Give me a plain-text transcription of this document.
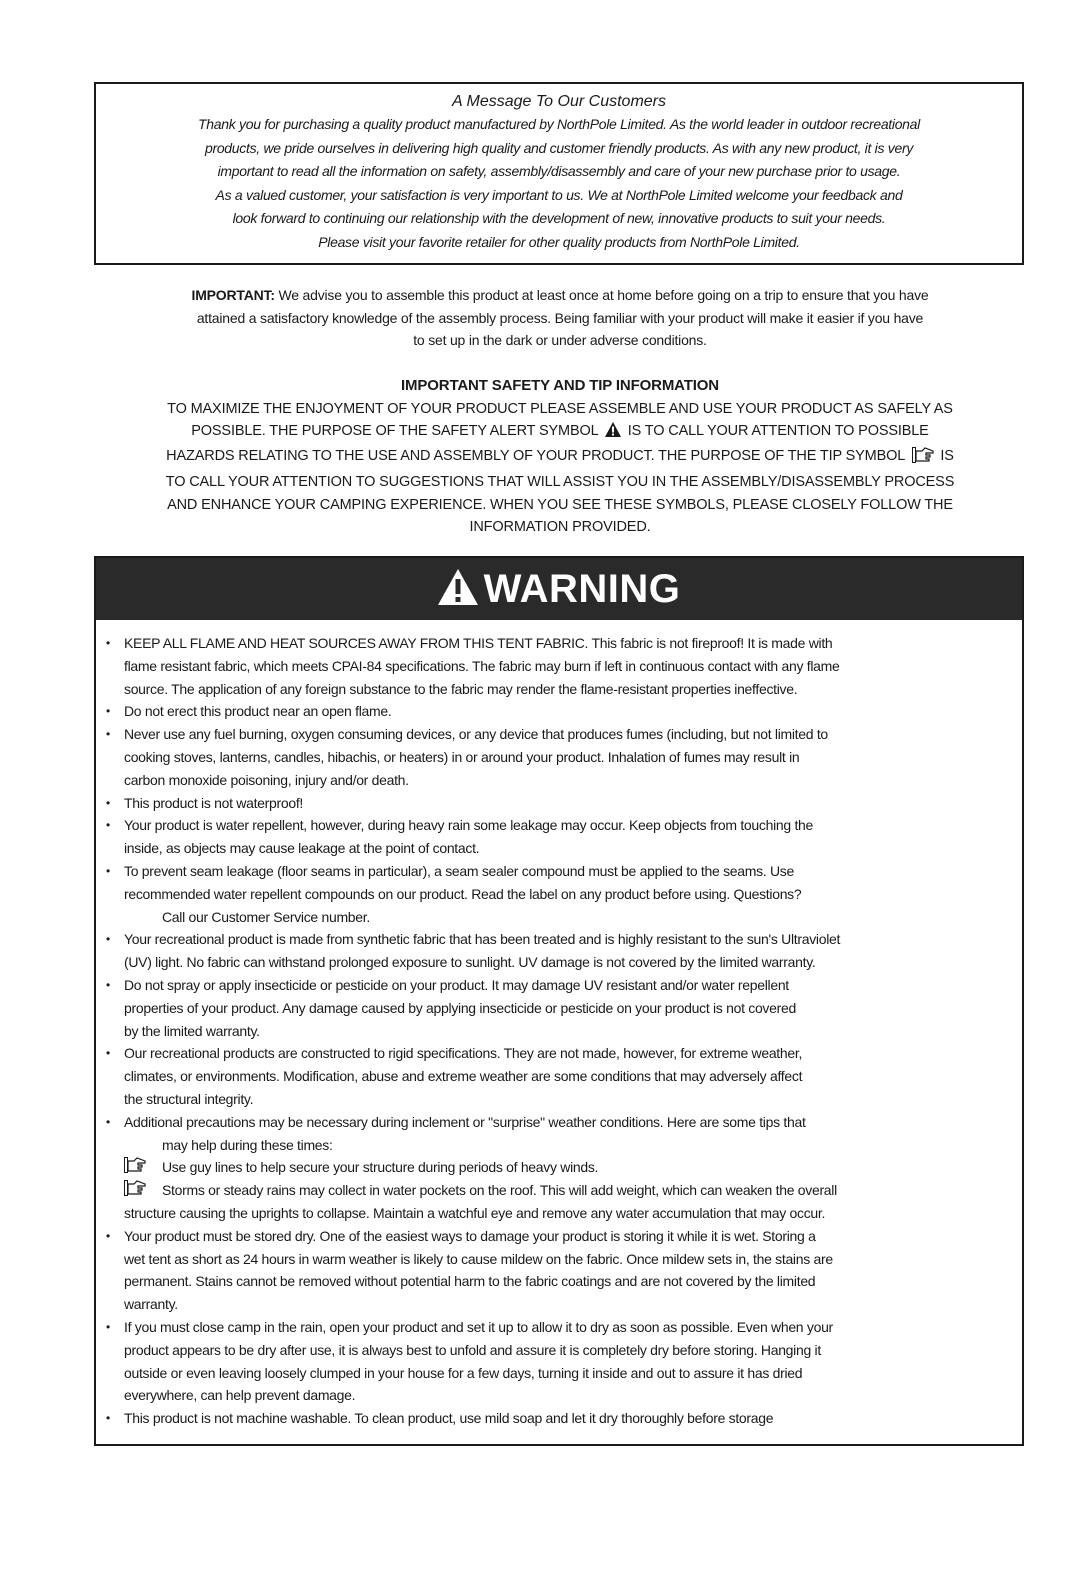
A Message To Our Customers
Thank you for purchasing a quality product manufactured by NorthPole Limited. As the world leader in outdoor recreational
products, we pride ourselves in delivering high quality and customer friendly products. As with any new product, it is very
important to read all the information on safety, assembly/disassembly and care of your new purchase prior to usage.
As a valued customer, your satisfaction is very important to us. We at NorthPole Limited welcome your feedback and
look forward to continuing our relationship with the development of new, innovative products to suit your needs.
Please visit your favorite retailer for other quality products from NorthPole Limited.
IMPORTANT: We advise you to assemble this product at least once at home before going on a trip to ensure that you have
attained a satisfactory knowledge of the assembly process. Being familiar with your product will make it easier if you have
to set up in the dark or under adverse conditions.
IMPORTANT SAFETY AND TIP INFORMATION
TO MAXIMIZE THE ENJOYMENT OF YOUR PRODUCT PLEASE ASSEMBLE AND USE YOUR PRODUCT AS SAFELY AS
POSSIBLE. THE PURPOSE OF THE SAFETY ALERT SYMBOL IS TO CALL YOUR ATTENTION TO POSSIBLE
HAZARDS RELATING TO THE USE AND ASSEMBLY OF YOUR PRODUCT. THE PURPOSE OF THE TIP SYMBOL IS
TO CALL YOUR ATTENTION TO SUGGESTIONS THAT WILL ASSIST YOU IN THE ASSEMBLY/DISASSEMBLY PROCESS
AND ENHANCE YOUR CAMPING EXPERIENCE. WHEN YOU SEE THESE SYMBOLS, PLEASE CLOSELY FOLLOW THE
INFORMATION PROVIDED.
WARNING
• KEEP ALL FLAME AND HEAT SOURCES AWAY FROM THIS TENT FABRIC. This fabric is not fireproof! It is made with
flame resistant fabric, which meets CPAI-84 specifications. The fabric may burn if left in continuous contact with any flame
source. The application of any foreign substance to the fabric may render the flame-resistant properties ineffective.
• Do not erect this product near an open flame.
• Never use any fuel burning, oxygen consuming devices, or any device that produces fumes (including, but not limited to
cooking stoves, lanterns, candles, hibachis, or heaters) in or around your product. Inhalation of fumes may result in
carbon monoxide poisoning, injury and/or death.
• This product is not waterproof!
• Your product is water repellent, however, during heavy rain some leakage may occur. Keep objects from touching the
inside, as objects may cause leakage at the point of contact.
• To prevent seam leakage (floor seams in particular), a seam sealer compound must be applied to the seams. Use
recommended water repellent compounds on our product. Read the label on any product before using. Questions?
Call our Customer Service number.
• Your recreational product is made from synthetic fabric that has been treated and is highly resistant to the sun's Ultraviolet
(UV) light. No fabric can withstand prolonged exposure to sunlight. UV damage is not covered by the limited warranty.
• Do not spray or apply insecticide or pesticide on your product. It may damage UV resistant and/or water repellent
properties of your product. Any damage caused by applying insecticide or pesticide on your product is not covered
by the limited warranty.
• Our recreational products are constructed to rigid specifications. They are not made, however, for extreme weather,
climates, or environments. Modification, abuse and extreme weather are some conditions that may adversely affect
the structural integrity.
• Additional precautions may be necessary during inclement or "surprise" weather conditions. Here are some tips that
may help during these times:
Use guy lines to help secure your structure during periods of heavy winds.
Storms or steady rains may collect in water pockets on the roof. This will add weight, which can weaken the overall
structure causing the uprights to collapse. Maintain a watchful eye and remove any water accumulation that may occur.
• Your product must be stored dry. One of the easiest ways to damage your product is storing it while it is wet. Storing a
wet tent as short as 24 hours in warm weather is likely to cause mildew on the fabric. Once mildew sets in, the stains are
permanent. Stains cannot be removed without potential harm to the fabric coatings and are not covered by the limited
warranty.
• If you must close camp in the rain, open your product and set it up to allow it to dry as soon as possible. Even when your
product appears to be dry after use, it is always best to unfold and assure it is completely dry before storing. Hanging it
outside or even leaving loosely clumped in your house for a few days, turning it inside and out to assure it has dried
everywhere, can help prevent damage.
• This product is not machine washable. To clean product, use mild soap and let it dry thoroughly before storage
